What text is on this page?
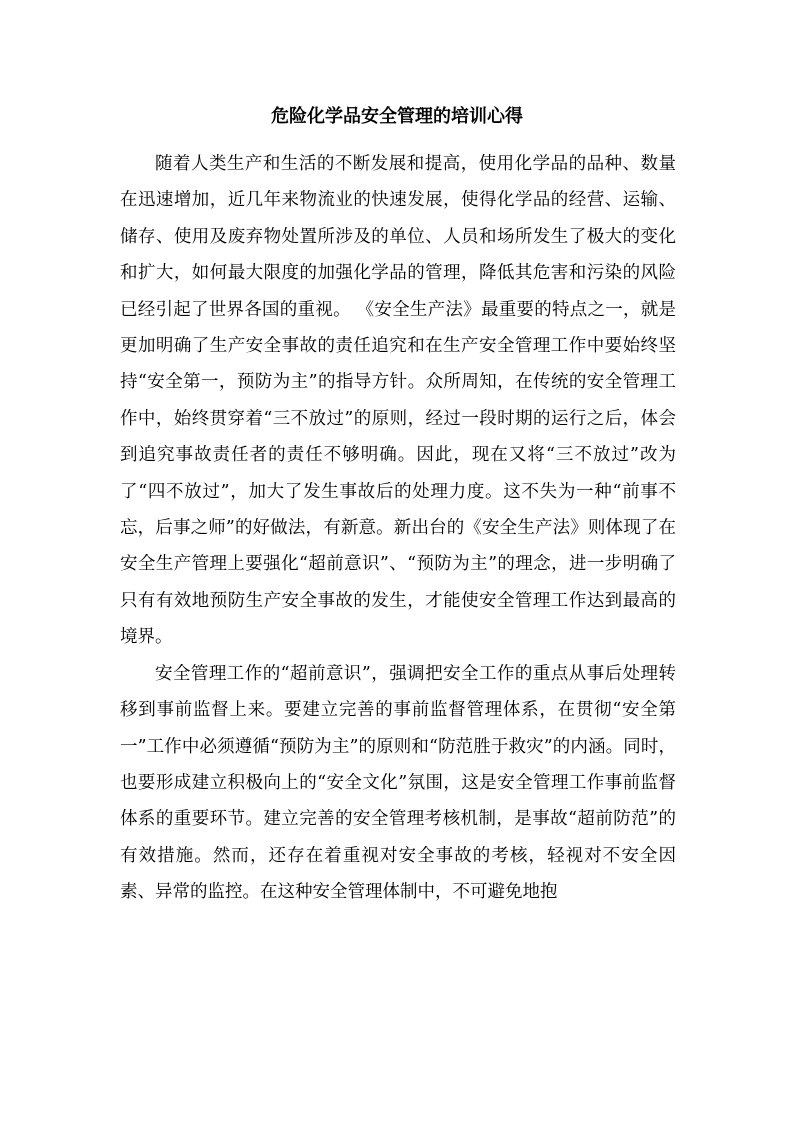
危险化学品安全管理的培训心得

随着人类生产和生活的不断发展和提高，使用化学品的品种、数量在迅速增加，近几年来物流业的快速发展，使得化学品的经营、运输、储存、使用及废弃物处置所涉及的单位、人员和场所发生了极大的变化和扩大，如何最大限度的加强化学品的管理，降低其危害和污染的风险已经引起了世界各国的重视。 《安全生产法》最重要的特点之一，就是更加明确了生产安全事故的责任追究和在生产安全管理工作中要始终坚持“安全第一，预防为主”的指导方针。众所周知，在传统的安全管理工作中，始终贯穿着“三不放过”的原则，经过一段时期的运行之后，体会到追究事故责任者的责任不够明确。因此，现在又将“三不放过”改为了“四不放过”，加大了发生事故后的处理力度。这不失为一种“前事不忘，后事之师”的好做法，有新意。新出台的《安全生产法》则体现了在安全生产管理上要强化“超前意识”、“预防为主”的理念，进一步明确了只有有效地预防生产安全事故的发生，才能使安全管理工作达到最高的境界。

安全管理工作的“超前意识”，强调把安全工作的重点从事后处理转移到事前监督上来。要建立完善的事前监督管理体系，在贯彻“安全第一”工作中必须遵循“预防为主”的原则和“防范胜于救灾”的内涵。同时，也要形成建立积极向上的“安全文化”氛围，这是安全管理工作事前监督体系的重要环节。建立完善的安全管理考核机制，是事故“超前防范”的有效措施。然而，还存在着重视对安全事故的考核，轻视对不安全因素、异常的监控。在这种安全管理体制中，不可避免地抱
